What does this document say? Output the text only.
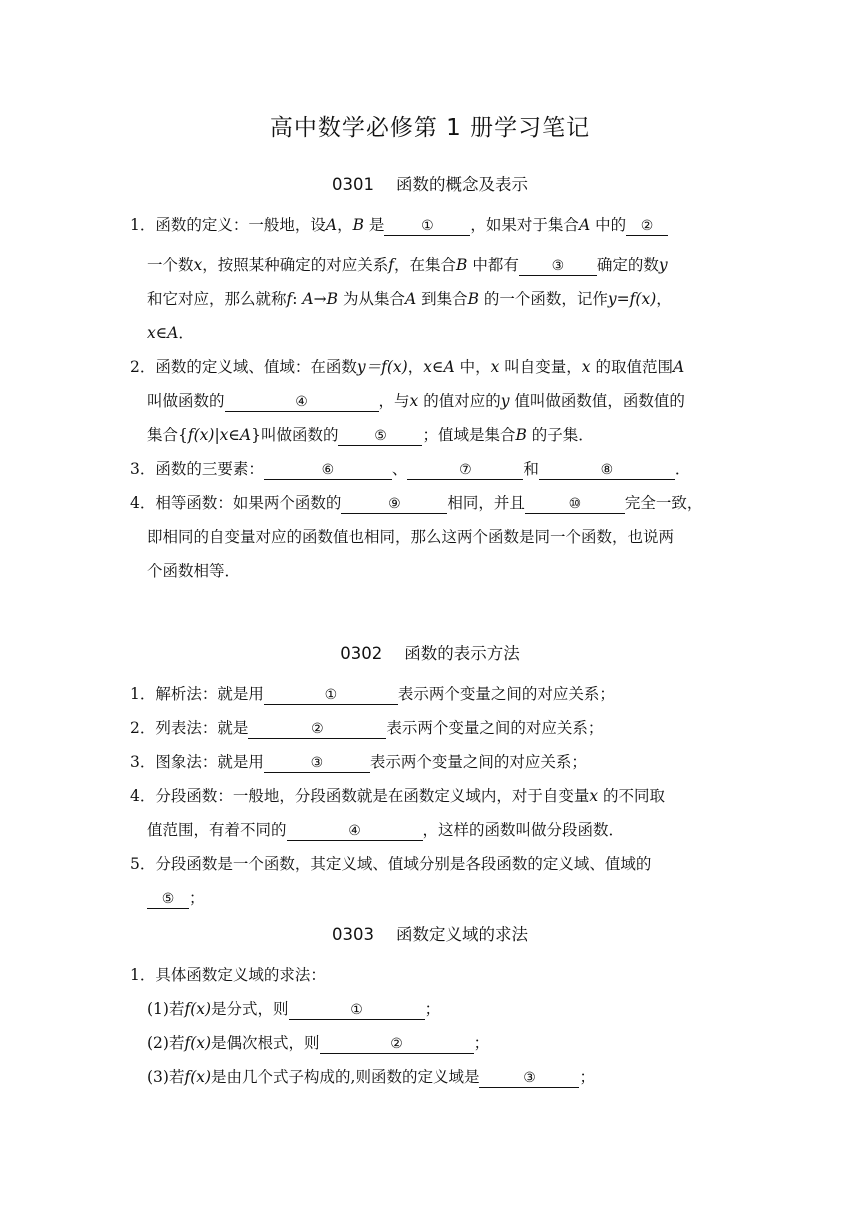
高中数学必修第 1 册学习笔记
0301 函数的概念及表示
1．函数的定义：一般地，设A，B 是	① ，如果对于集合A 中的 ②
一个数x，按照某种确定的对应关系f，在集合B 中都有 ③ 确定的数y
和它对应，那么就称f: A→B 为从集合A 到集合B 的一个函数，记作y=f(x)，
x∈A．
2．函数的定义域、值域：在函数y＝f(x)，x∈A 中，x 叫自变量，x 的取值范围A
叫做函数的	④	，与x 的值对应的y 值叫做函数值，函数值的
集合{f(x)|x∈A}叫做函数的	⑤ ；值域是集合B 的子集．
3．函数的三要素：	⑥	、	⑦	和	⑧	．
4．相等函数：如果两个函数的	⑨	相同，并且	⑩	完全一致，
即相同的自变量对应的函数值也相同，那么这两个函数是同一个函数，也说两
个函数相等．
0302 函数的表示方法
1．解析法：就是用	①	表示两个变量之间的对应关系；
2．列表法：就是	②	表示两个变量之间的对应关系；
3．图象法：就是用	③	表示两个变量之间的对应关系；
4．分段函数：一般地，分段函数就是在函数定义域内，对于自变量x 的不同取
值范围，有着不同的	④	，这样的函数叫做分段函数．
5．分段函数是一个函数，其定义域、值域分别是各段函数的定义域、值域的
⑤ ；
0303 函数定义域的求法
1．具体函数定义域的求法：
(1)若f(x)是分式，则	①	；
(2)若f(x)是偶次根式，则	②	；
(3)若f(x)是由几个式子构成的,则函数的定义域是	③	；
